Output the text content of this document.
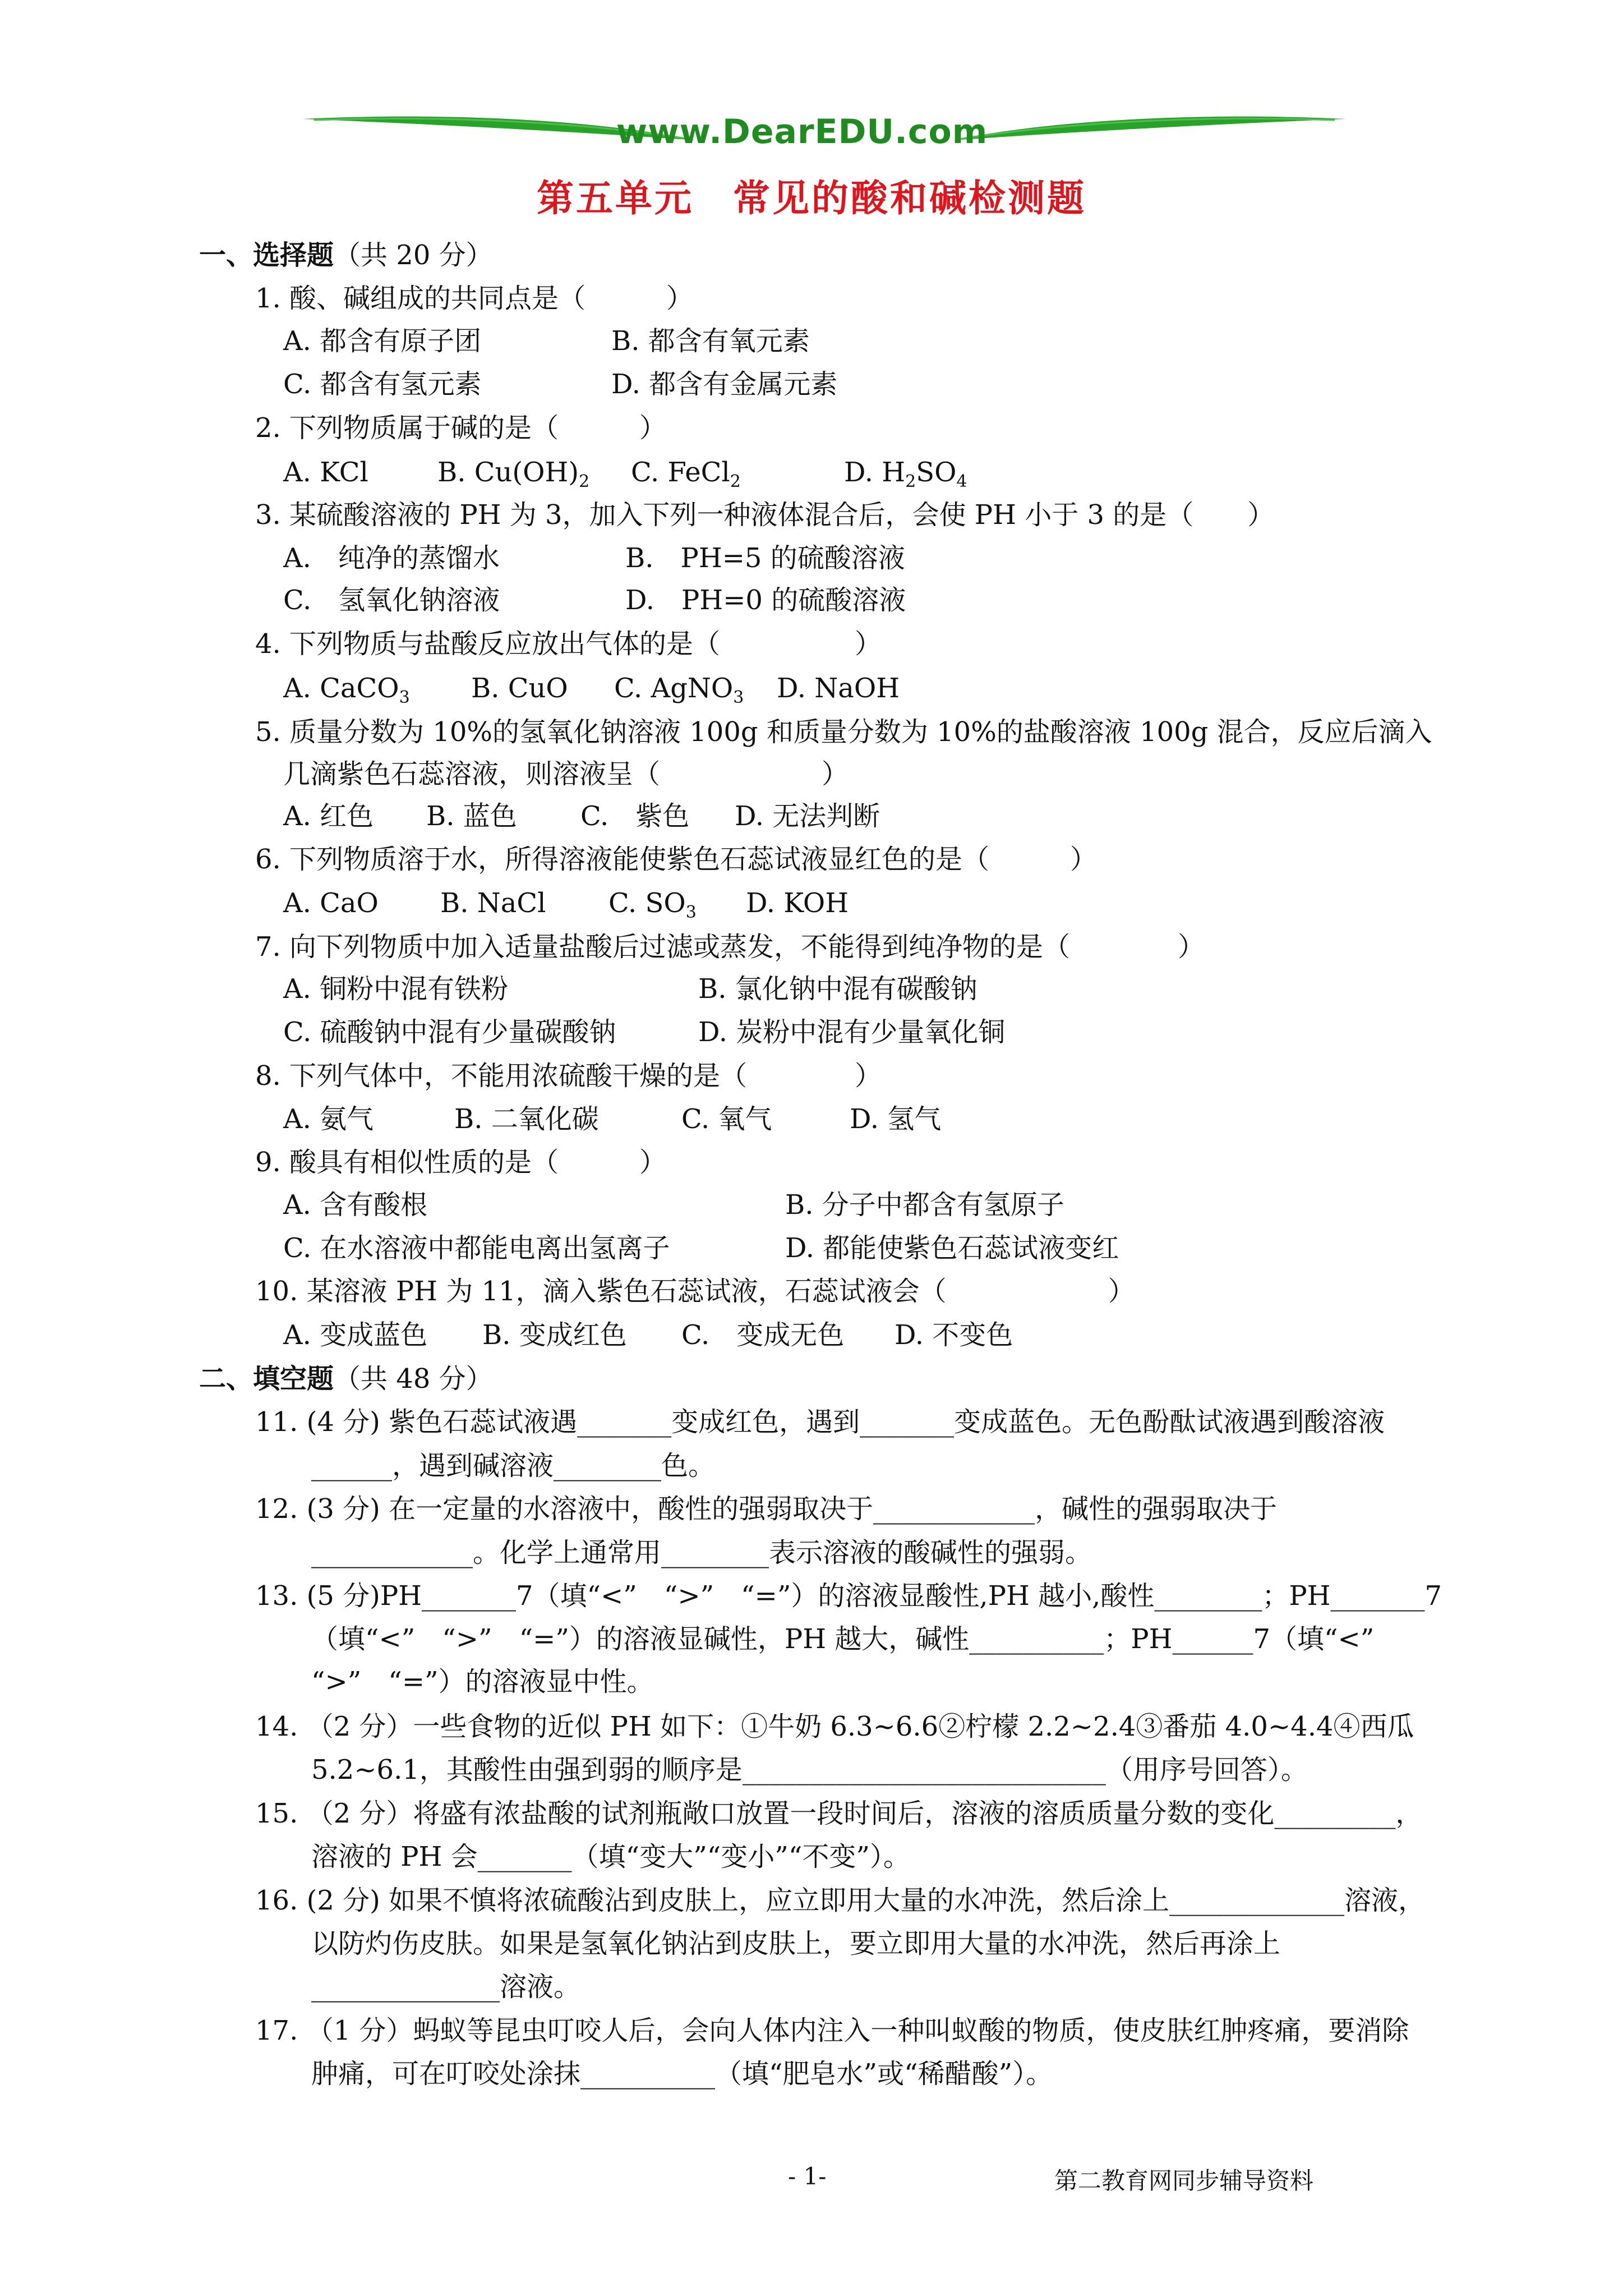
www.DearEDU.com
第五单元　常见的酸和碱检测题
一、选择题（共 20 分）
1. 酸、碱组成的共同点是（　　　）
A. 都含有原子团	B. 都含有氧元素
C. 都含有氢元素	D. 都含有金属元素
2. 下列物质属于碱的是（　　　）
A. KCl	B. $Cu(OH)_2$ C. FeCl$_2$	D. $H_2SO_4$
3. 某硫酸溶液的 PH 为 3，加入下列一种液体混合后，会使 PH 小于 3 的是（　　）
A.　纯净的蒸馏水	B.　PH=5 的硫酸溶液
C.　氢氧化钠溶液	D.　PH=0 的硫酸溶液
4. 下列物质与盐酸反应放出气体的是（　　　　　）
A. CaCO$_3$ B. CuO C. AgNO$_3$ D. NaOH
5. 质量分数为 10%的氢氧化钠溶液 100g 和质量分数为 10%的盐酸溶液 100g 混合，反应后滴入
几滴紫色石蕊溶液，则溶液呈（　　　　　　）
A. 红色 B. 蓝色 C.　紫色 D. 无法判断
6. 下列物质溶于水，所得溶液能使紫色石蕊试液显红色的是（　　　）
A. CaO B. NaCl C. $SO_3$ D. KOH
7. 向下列物质中加入适量盐酸后过滤或蒸发，不能得到纯净物的是（　　　　）
A. 铜粉中混有铁粉	B. 氯化钠中混有碳酸钠
C. 硫酸钠中混有少量碳酸钠	D. 炭粉中混有少量氧化铜
8. 下列气体中，不能用浓硫酸干燥的是（　　　　）
A. 氨气	B. 二氧化碳	C. 氧气	D. 氢气
9. 酸具有相似性质的是（　　　）
A. 含有酸根	B. 分子中都含有氢原子
C. 在水溶液中都能电离出氢离子	D. 都能使紫色石蕊试液变红
10. 某溶液 PH 为 11，滴入紫色石蕊试液，石蕊试液会（　　　　　　）
A. 变成蓝色 B. 变成红色 C.　变成无色 D. 不变色
二、填空题（共 48 分）
11. (4 分) 紫色石蕊试液遇_______变成红色，遇到_______变成蓝色。无色酚酞试液遇到酸溶液
______，遇到碱溶液________色。
12. (3 分) 在一定量的水溶液中，酸性的强弱取决于____________，碱性的强弱取决于
____________。化学上通常用________表示溶液的酸碱性的强弱。
13. (5 分)PH_______7（填“<”　“>”　“=”）的溶液显酸性,PH 越小,酸性________；PH_______7
（填“<”　“>”　“=”）的溶液显碱性，PH 越大，碱性__________；PH______7（填“<”
“>”　“=”）的溶液显中性。
14. （2 分）一些食物的近似 PH 如下：①牛奶 6.3~6.6②柠檬 2.2~2.4③番茄 4.0~4.4④西瓜
5.2~6.1，其酸性由强到弱的顺序是___________________________（用序号回答）。
15. （2 分）将盛有浓盐酸的试剂瓶敞口放置一段时间后，溶液的溶质质量分数的变化_________，
溶液的 PH 会_______（填“变大”“变小”“不变”）。
16. (2 分) 如果不慎将浓硫酸沾到皮肤上，应立即用大量的水冲洗，然后涂上_____________溶液，
以防灼伤皮肤。如果是氢氧化钠沾到皮肤上，要立即用大量的水冲洗，然后再涂上
______________溶液。
17. （1 分）蚂蚁等昆虫叮咬人后，会向人体内注入一种叫蚁酸的物质，使皮肤红肿疼痛，要消除
肿痛，可在叮咬处涂抹__________（填“肥皂水”或“稀醋酸”）。
- 1-	第二教育网同步辅导资料
